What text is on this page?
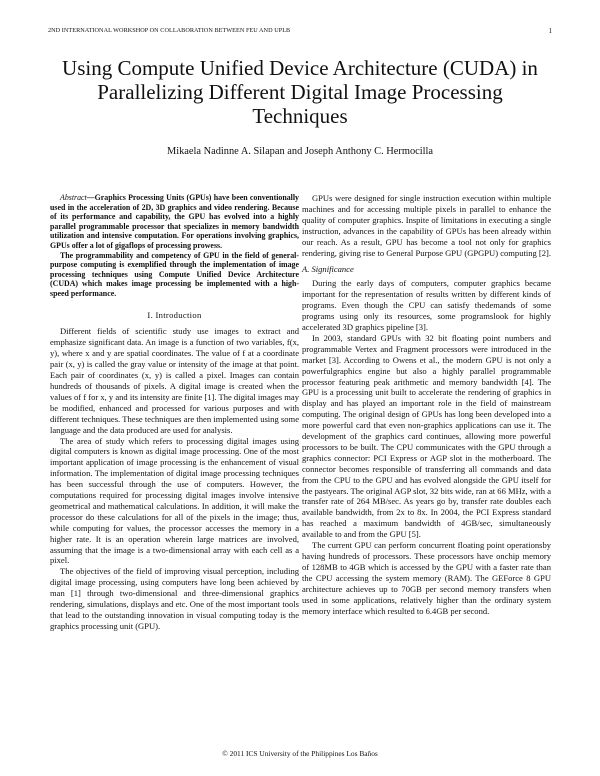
2ND INTERNATIONAL WORKSHOP ON COLLABORATION BETWEEN FEU AND UPLB	1
Using Compute Unified Device Architecture (CUDA) in Parallelizing Different Digital Image Processing Techniques
Mikaela Nadinne A. Silapan and Joseph Anthony C. Hermocilla

Abstract—Graphics Processing Units (GPUs) have been conventionally used in the acceleration of 2D, 3D graphics and video rendering. Because of its performance and capability, the GPU has evolved into a highly parallel programmable processor that specializes in memory bandwidth utilization and intensive computation. For operations involving graphics, GPUs offer a lot of gigaflops of processing prowess.

The programmability and competency of GPU in the field of general-purpose computing is exemplified through the implementation of image processing techniques using Compute Unified Device Architecture (CUDA) which makes image processing be implemented with a high-speed performance.

I. Introduction

Different fields of scientific study use images to extract and emphasize significant data. An image is a function of two variables, f(x, y), where x and y are spatial coordinates. The value of f at a coordinate pair (x, y) is called the gray value or intensity of the image at that point. Each pair of coordinates (x, y) is called a pixel. Images can contain hundreds of thousands of pixels. A digital image is created when the values of f for x, y and its intensity are finite [1]. The digital images may be modified, enhanced and processed for various purposes and with different techniques. These techniques are then implemented using some language and the data produced are used for analysis.

The area of study which refers to processing digital images using digital computers is known as digital image processing. One of the most important application of image processing is the enhancement of visual information. The implementation of digital image processing techniques has been successful through the use of computers. However, the computations required for processing digital images involve intensive geometrical and mathematical calculations. In addition, it will make the processor do these calculations for all of the pixels in the image; thus, while computing for values, the processor accesses the memory in a higher rate. It is an operation wherein large matrices are involved, assuming that the image is a two-dimensional array with each cell as a pixel.

The objectives of the field of improving visual perception, including digital image processing, using computers have long been achieved by man [1] through two-dimensional and three-dimensional graphics rendering, simulations, displays and etc. One of the most important tools that lead to the outstanding innovation in visual computing today is the graphics processing unit (GPU).

GPUs were designed for single instruction execution within multiple machines and for accessing multiple pixels in parallel to enhance the quality of computer graphics. Inspite of limitations in executing a single instruction, advances in the capability of GPUs has been already within our reach. As a result, GPU has become a tool not only for graphics rendering, giving rise to General Purpose GPU (GPGPU) computing [2].

A. Significance

During the early days of computers, computer graphics became important for the representation of results written by different kinds of programs. Even though the CPU can satisfy thedemands of some programs using only its resources, some programslook for highly accelerated 3D graphics pipeline [3].

In 2003, standard GPUs with 32 bit floating point numbers and programmable Vertex and Fragment processors were introduced in the market [3]. According to Owens et al., the modern GPU is not only a powerfulgraphics engine but also a highly parallel programmable processor featuring peak arithmetic and memory bandwidth [4]. The GPU is a processing unit built to accelerate the rendering of graphics in display and has played an important role in the field of mainstream computing. The original design of GPUs has long been developed into a more powerful card that even non-graphics applications can use it. The development of the graphics card continues, allowing more powerful processors to be built. The CPU communicates with the GPU through a graphics connector: PCI Express or AGP slot in the motherboard. The connector becomes responsible of transferring all commands and data from the CPU to the GPU and has evolved alongside the GPU itself for the pastyears. The original AGP slot, 32 bits wide, ran at 66 MHz, with a transfer rate of 264 MB/sec. As years go by, transfer rate doubles each available bandwidth, from 2x to 8x. In 2004, the PCI Express standard has reached a maximum bandwidth of 4GB/sec, simultaneously available to and from the GPU [5].

The current GPU can perform concurrent floating point operationsby having hundreds of processors. These processors have onchip memory of 128MB to 4GB which is accessed by the GPU with a faster rate than the CPU accessing the system memory (RAM). The GEForce 8 GPU architecture achieves up to 70GB per second memory transfers when used in some applications, relatively higher than the ordinary system memory interface which resulted to 6.4GB per second.

© 2011 ICS University of the Philippines Los Baños
